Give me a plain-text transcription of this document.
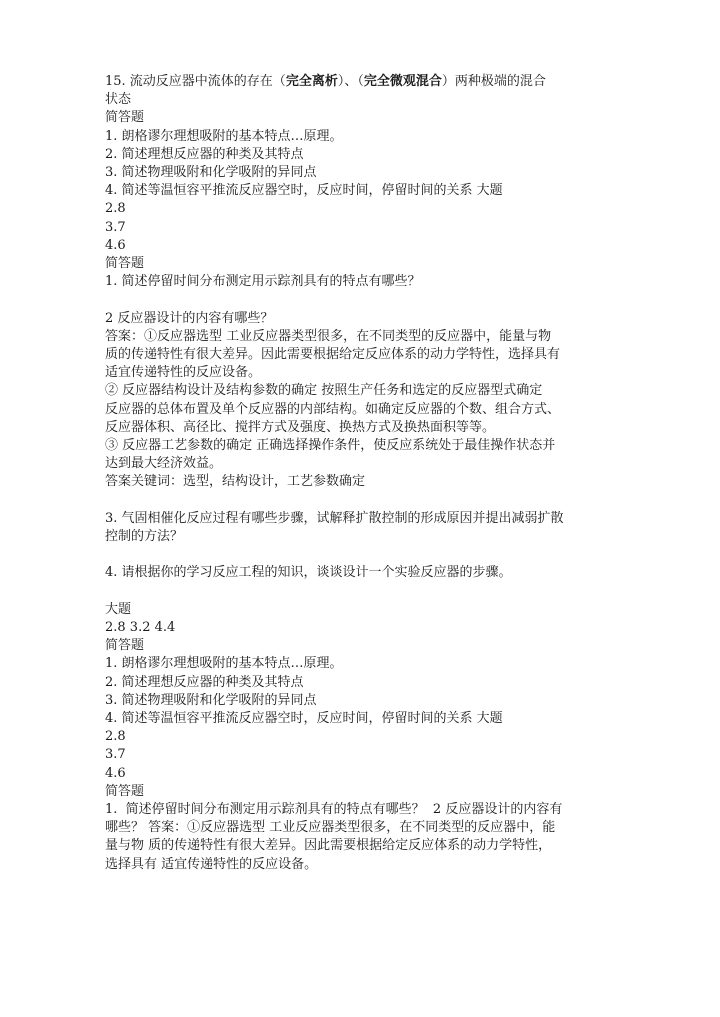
15. 流动反应器中流体的存在（完全离析）、（完全微观混合）两种极端的混合
状态
简答题
1. 朗格谬尔理想吸附的基本特点…原理。
2. 简述理想反应器的种类及其特点
3. 简述物理吸附和化学吸附的异同点
4. 简述等温恒容平推流反应器空时，反应时间，停留时间的关系 大题
2.8
3.7
4.6
简答题
1. 简述停留时间分布测定用示踪剂具有的特点有哪些？
2 反应器设计的内容有哪些？
答案：①反应器选型 工业反应器类型很多，在不同类型的反应器中，能量与物
质的传递特性有很大差异。因此需要根据给定反应体系的动力学特性，选择具有
适宜传递特性的反应设备。
② 反应器结构设计及结构参数的确定 按照生产任务和选定的反应器型式确定
反应器的总体布置及单个反应器的内部结构。如确定反应器的个数、组合方式、
反应器体积、高径比、搅拌方式及强度、换热方式及换热面积等等。
③ 反应器工艺参数的确定 正确选择操作条件，使反应系统处于最佳操作状态并
达到最大经济效益。
答案关键词：选型，结构设计，工艺参数确定
3. 气固相催化反应过程有哪些步骤，试解释扩散控制的形成原因并提出减弱扩散
控制的方法？
4. 请根据你的学习反应工程的知识，谈谈设计一个实验反应器的步骤。
大题
2.8 3.2 4.4
简答题
1. 朗格谬尔理想吸附的基本特点…原理。
2. 简述理想反应器的种类及其特点
3. 简述物理吸附和化学吸附的异同点
4. 简述等温恒容平推流反应器空时，反应时间，停留时间的关系 大题
2.8
3.7
4.6
简答题
1.  简述停留时间分布测定用示踪剂具有的特点有哪些？  2 反应器设计的内容有
哪些？ 答案：①反应器选型 工业反应器类型很多，在不同类型的反应器中，能
量与物 质的传递特性有很大差异。因此需要根据给定反应体系的动力学特性，
选择具有 适宜传递特性的反应设备。
